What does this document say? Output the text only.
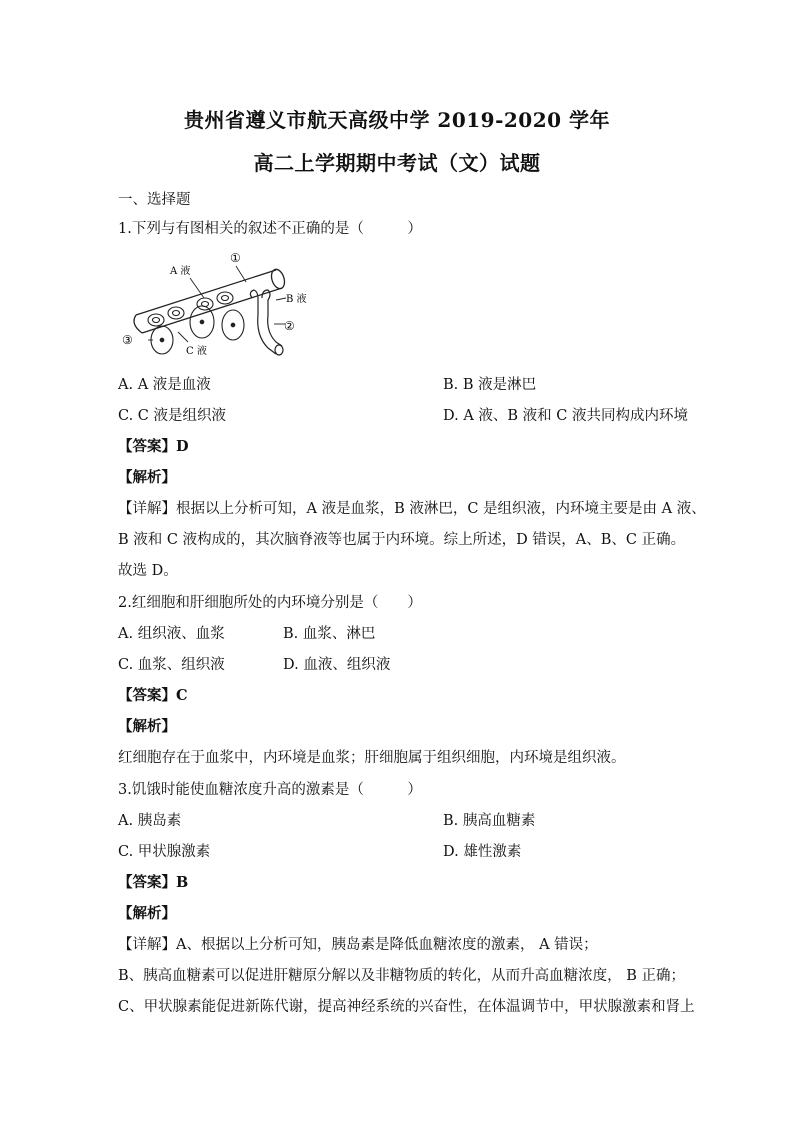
贵州省遵义市航天高级中学 2019-2020 学年
高二上学期期中考试（文）试题
一、选择题
1.下列与有图相关的叙述不正确的是（　　　）
A 液
①
B 液
②
③
C 液
A. A 液是血液	B. B 液是淋巴
C. C 液是组织液	D. A 液、B 液和 C 液共同构成内环境
【答案】D
【解析】
【详解】根据以上分析可知，A 液是血浆，B 液淋巴，C 是组织液，内环境主要是由 A 液、
B 液和 C 液构成的，其次脑脊液等也属于内环境。综上所述，D 错误，A、B、C 正确。
故选 D。
2.红细胞和肝细胞所处的内环境分别是（　　）
A. 组织液、血浆	B. 血浆、淋巴
C. 血浆、组织液	D. 血液、组织液
【答案】C
【解析】
红细胞存在于血浆中，内环境是血浆；肝细胞属于组织细胞，内环境是组织液。
3.饥饿时能使血糖浓度升高的激素是（　　　）
A. 胰岛素	B. 胰高血糖素
C. 甲状腺激素	D. 雄性激素
【答案】B
【解析】
【详解】A、根据以上分析可知，胰岛素是降低血糖浓度的激素， A 错误；
B、胰高血糖素可以促进肝糖原分解以及非糖物质的转化，从而升高血糖浓度， B 正确；
C、甲状腺素能促进新陈代谢，提高神经系统的兴奋性，在体温调节中，甲状腺激素和肾上
